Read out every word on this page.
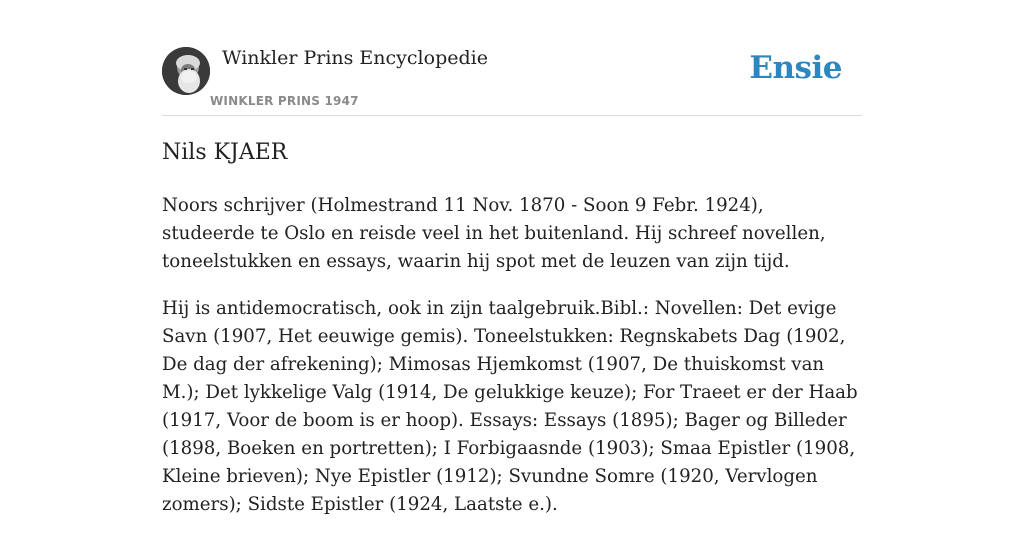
Winkler Prins Encyclopedie
WINKLER PRINS 1947
Ensie
Nils KJAER

Noors schrijver (Holmestrand 11 Nov. 1870 - Soon 9 Febr. 1924), studeerde te Oslo en reisde veel in het buitenland. Hij schreef novellen, toneelstukken en essays, waarin hij spot met de leuzen van zijn tijd.

Hij is antidemocratisch, ook in zijn taalgebruik.Bibl.: Novellen: Det evige Savn (1907, Het eeuwige gemis). Toneelstukken: Regnskabets Dag (1902, De dag der afrekening); Mimosas Hjemkomst (1907, De thuiskomst van M.); Det lykkelige Valg (1914, De gelukkige keuze); For Traeet er der Haab (1917, Voor de boom is er hoop). Essays: Essays (1895); Bager og Billeder (1898, Boeken en portretten); I Forbigaasnde (1903); Smaa Epistler (1908, Kleine brieven); Nye Epistler (1912); Svundne Somre (1920, Vervlogen zomers); Sidste Epistler (1924, Laatste e.).
